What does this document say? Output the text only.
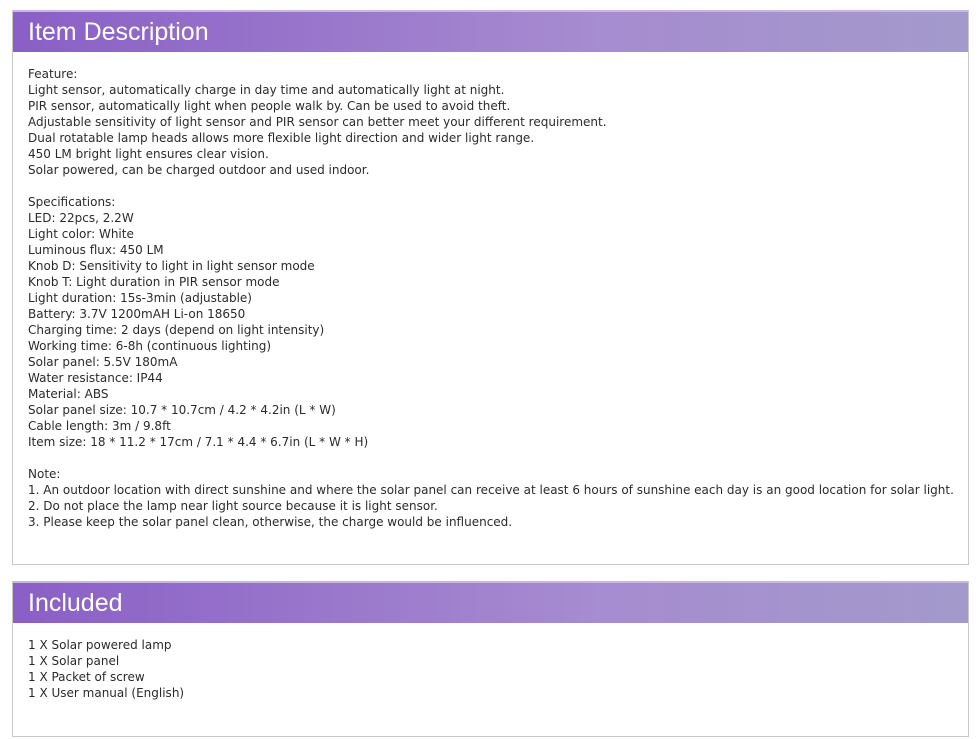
Item Description
Feature:
Light sensor, automatically charge in day time and automatically light at night.
PIR sensor, automatically light when people walk by. Can be used to avoid theft.
Adjustable sensitivity of light sensor and PIR sensor can better meet your different requirement.
Dual rotatable lamp heads allows more flexible light direction and wider light range.
450 LM bright light ensures clear vision.
Solar powered, can be charged outdoor and used indoor.
Specifications:
LED: 22pcs, 2.2W
Light color: White
Luminous flux: 450 LM
Knob D: Sensitivity to light in light sensor mode
Knob T: Light duration in PIR sensor mode
Light duration: 15s-3min (adjustable)
Battery: 3.7V 1200mAH Li-on 18650
Charging time: 2 days (depend on light intensity)
Working time: 6-8h (continuous lighting)
Solar panel: 5.5V 180mA
Water resistance: IP44
Material: ABS
Solar panel size: 10.7 * 10.7cm / 4.2 * 4.2in (L * W)
Cable length: 3m / 9.8ft
Item size: 18 * 11.2 * 17cm / 7.1 * 4.4 * 6.7in (L * W * H)
Note:
1. An outdoor location with direct sunshine and where the solar panel can receive at least 6 hours of sunshine each day is an good location for solar light.
2. Do not place the lamp near light source because it is light sensor.
3. Please keep the solar panel clean, otherwise, the charge would be influenced.
Included
1 X Solar powered lamp
1 X Solar panel
1 X Packet of screw
1 X User manual (English)
